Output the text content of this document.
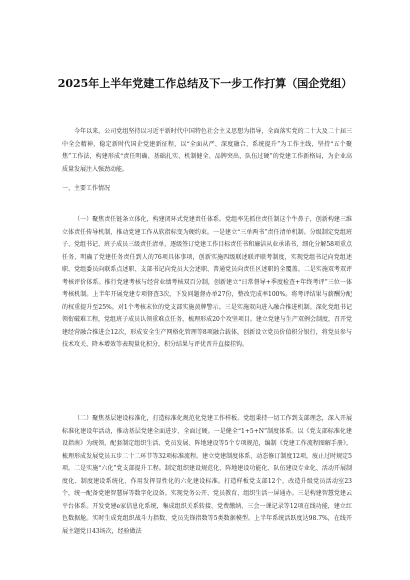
2025年上半年党建工作总结及下一步工作打算（国企党组）

今年以来，公司党组坚持以习近平新时代中国特色社会主义思想为指导，全面落实党的二十大及二十届三中全会精神，稳定新时代国企党建新征程，以“全面从严、深度融合、系统提升”为工作主线，坚持“五个聚焦”工作法，构建形成“责任明确、基础扎实、机制健全、品牌突出、队伍过硬”的党建工作新格局，为企业高质量发展注入强劲动能。

一、主要工作情况

（一）聚焦责任链条立体化，构建闭环式党建责任体系。党组率先抓住责任制这个牛鼻子，创新构建三维立体责任传导机制，推动党建工作从软指标变为硬约束。一是建立“三单两书”责任清单机制。分级制定党组班子、党组书记、班子成员三级责任清单，逐级签订党建工作目标责任书和廉洁从业承诺书，细化分解58项重点任务，明确了党建任务责任到人的76项具体事项，创新实施四级联述联评联考制度，实现党组书记向党组述职、党组委员向联系点述职、支部书记向党员大会述职、普通党员向责任区述职的全覆盖。二是实施双考双评考核评价体系。推行党建考核与经营业绩考核双百分制，创新建立“日常督导+季度检查+年终考评”三位一体考核机制。上半年开展党建专项督查3次，下发问题督办单27份，整改完成率100%。将考评结果与薪酬分配的权重提升至25%。对1个考核末位的党支部实施黄牌警示。三是实施双向进入融合推进机制。深化党组书记领衔破难工程，党组班子成员认领重难点任务，梳理形成20个攻坚项目。建立党建与生产双例会制度，召开党建经营融合推进会12次，形成安全生产网格化管理等8项融合载体，创新设立党员价值积分银行，将党员参与技术攻关、降本增效等表现量化积分，积分结果与评优晋升直接挂钩。

（二）聚焦基层建设标准化，打造标准化规范化党建工作样板。党组秉持一切工作到支部理念，深入开展标准化建设年活动，推动基层党建全面进步、全面过硬。一是健全“1+5+N”制度体系。以《党支部标准化建设指南》为统领，配套制定组织生活、党员发展、阵地建设等5个专项规范，编制《党建工作流程图解手册》，梳理形成发展党员五步二十二环节等32项标准流程。建立党建制度体系，动态修订制度12项，废止过时规定5项。二是实施“六化”党支部提升工程。制定组织建设规范化、阵地建设功能化、队伍建设专业化、活动开展制度化、制度建设系统化、作用发挥显性化的六化建设标准。打造样板党支部12个，改造升级党员活动室23个，统一配备党建智慧屏等数字化设备。实现党务公开、党员教育、组织生活一屏通办。三是构建智慧党建云平台体系。开发党建e家信息化系统，集成组织关系转接、党费缴纳、三会一课记录等12项在线功能，建立红色数据舱。实时生成党组织战斗力指数、党员先锋指数等5类数据模型。上半年系统活跃度达98.7%，在线开展主题党日43场次，经验做法
